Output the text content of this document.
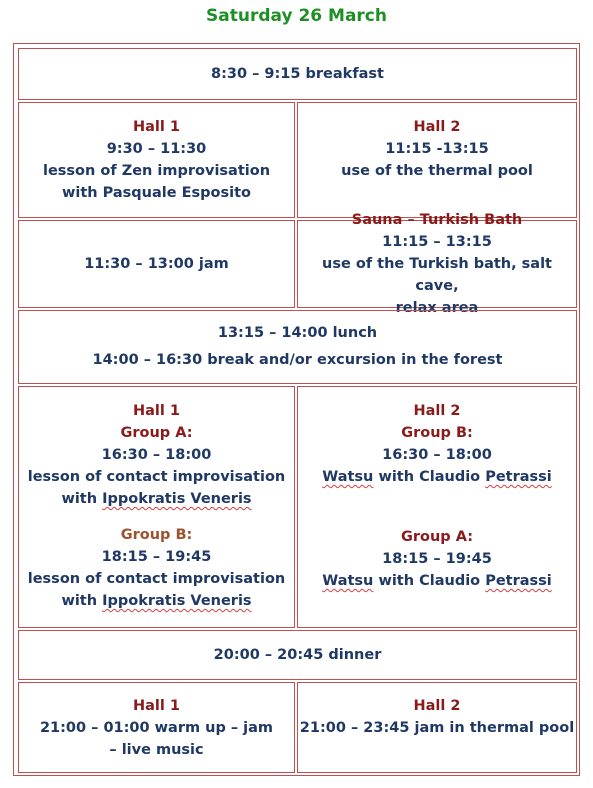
Saturday 26 March
8:30 – 9:15 breakfast
Hall 1
9:30 – 11:30
lesson of Zen improvisation
with Pasquale Esposito
Hall 2
11:15 -13:15
use of the thermal pool
11:30 – 13:00 jam
Sauna – Turkish Bath
11:15 – 13:15
use of the Turkish bath, salt cave,
relax area
13:15 – 14:00 lunch
14:00 – 16:30 break and/or excursion in the forest
Hall 1
Group A:
16:30 – 18:00
lesson of contact improvisation
with Ippokratis Veneris
Group B:
18:15 – 19:45
lesson of contact improvisation
with Ippokratis Veneris
Hall 2
Group B:
16:30 – 18:00
Watsu with Claudio Petrassi
Group A:
18:15 – 19:45
Watsu with Claudio Petrassi
20:00 – 20:45 dinner
Hall 1
21:00 – 01:00 warm up – jam
– live music
Hall 2
21:00 – 23:45 jam in thermal pool
